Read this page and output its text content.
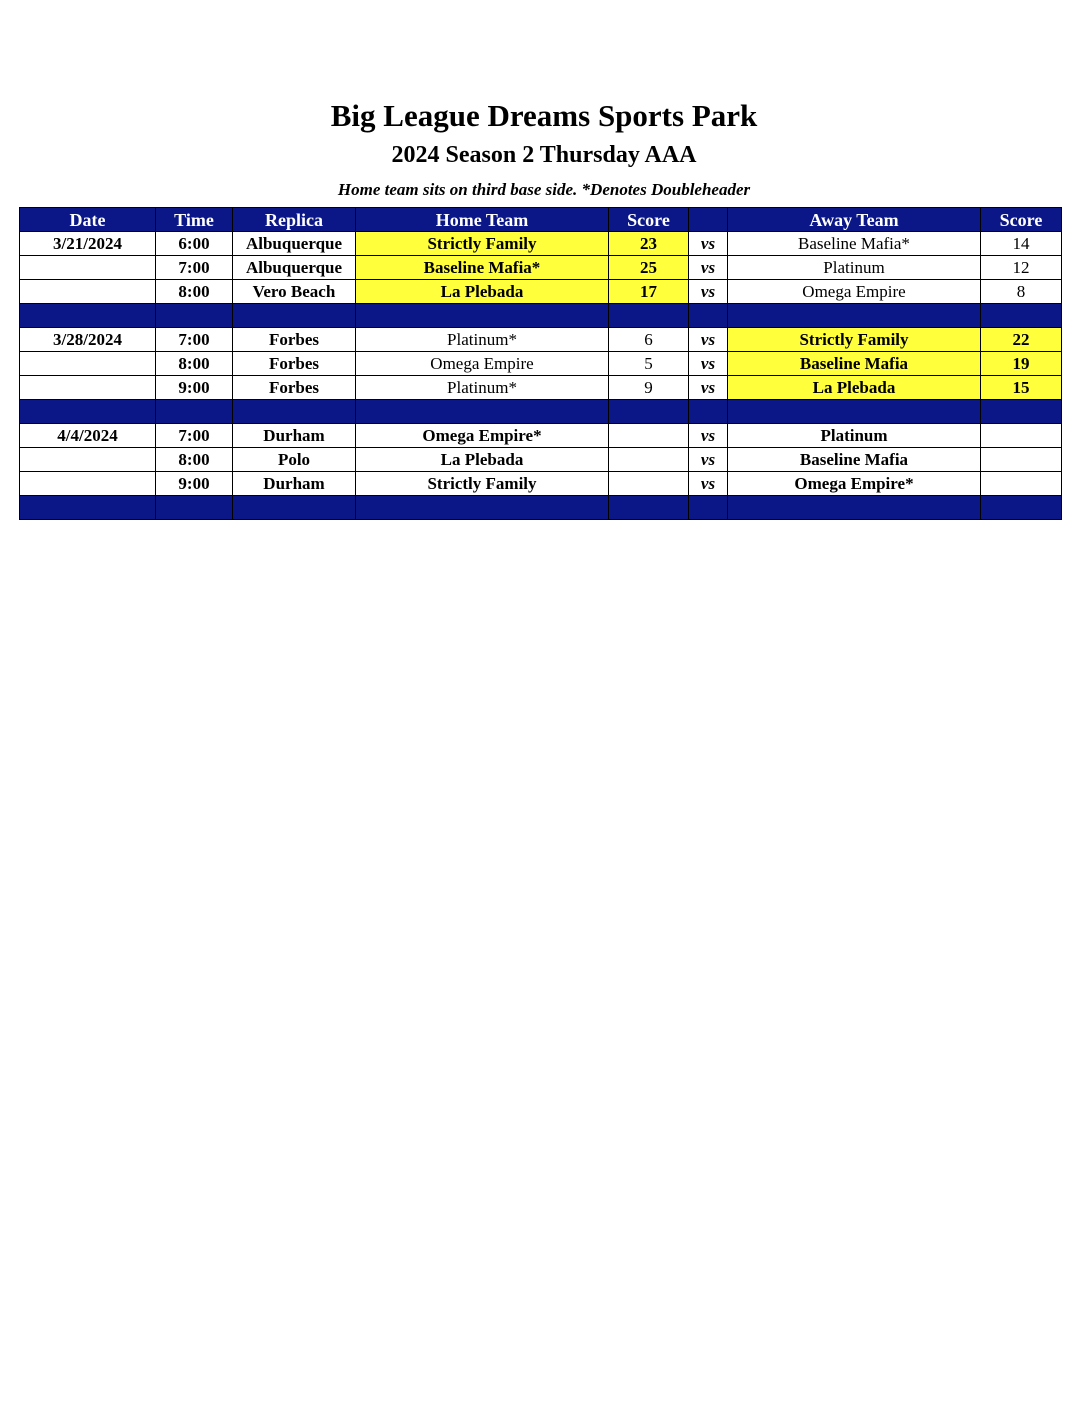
Big League Dreams Sports Park
2024 Season 2 Thursday AAA
Home team sits on third base side. *Denotes Doubleheader
Date	Time	Replica	Home Team	Score		Away Team	Score
3/21/2024	6:00	Albuquerque	Strictly Family	23	vs	Baseline Mafia*	14
	7:00	Albuquerque	Baseline Mafia*	25	vs	Platinum	12
	8:00	Vero Beach	La Plebada	17	vs	Omega Empire	8

3/28/2024	7:00	Forbes	Platinum*	6	vs	Strictly Family	22
	8:00	Forbes	Omega Empire	5	vs	Baseline Mafia	19
	9:00	Forbes	Platinum*	9	vs	La Plebada	15

4/4/2024	7:00	Durham	Omega Empire*		vs	Platinum	
	8:00	Polo	La Plebada		vs	Baseline Mafia	
	9:00	Durham	Strictly Family		vs	Omega Empire*	
